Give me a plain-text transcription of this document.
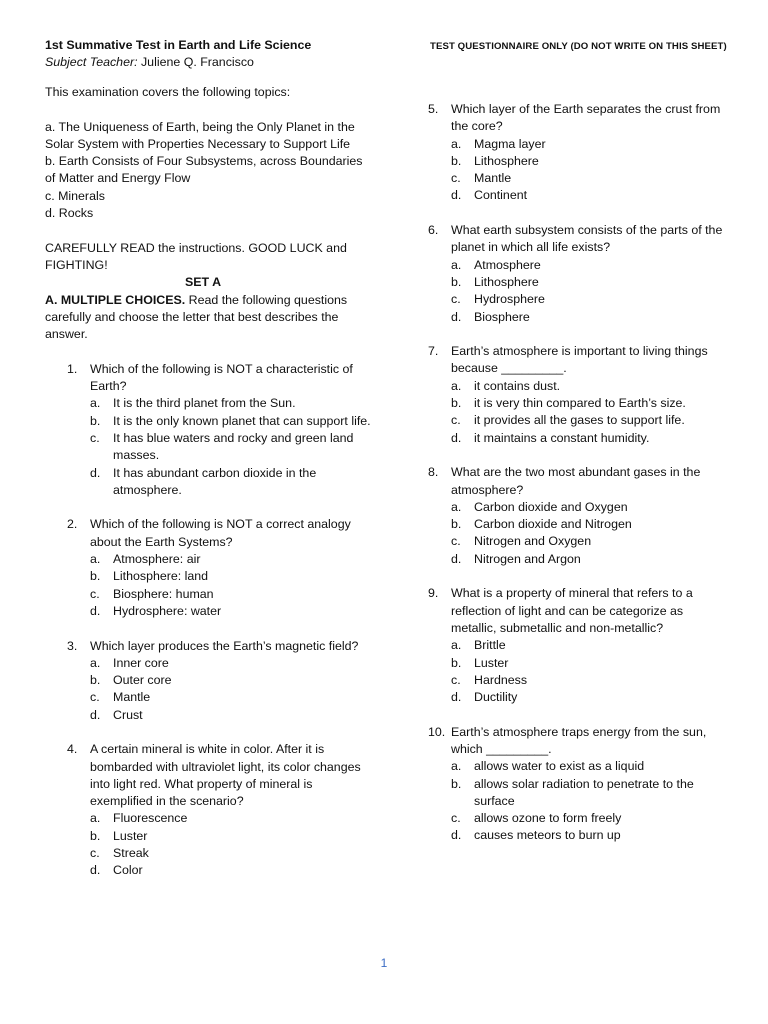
1st Summative Test in Earth and Life Science
Subject Teacher: Juliene Q. Francisco
TEST QUESTIONNAIRE ONLY (DO NOT WRITE ON THIS SHEET)

This examination covers the following topics:

a. The Uniqueness of Earth, being the Only Planet in the Solar System with Properties Necessary to Support Life

b. Earth Consists of Four Subsystems, across Boundaries of Matter and Energy Flow

c. Minerals

d. Rocks

CAREFULLY READ the instructions. GOOD LUCK and FIGHTING!

SET A

A. MULTIPLE CHOICES. Read the following questions carefully and choose the letter that best describes the answer.

1. Which of the following is NOT a characteristic of Earth?
a. It is the third planet from the Sun.
b. It is the only known planet that can support life.
c. It has blue waters and rocky and green land masses.
d. It has abundant carbon dioxide in the atmosphere.
2. Which of the following is NOT a correct analogy about the Earth Systems?
a. Atmosphere: air
b. Lithosphere: land
c. Biosphere: human
d. Hydrosphere: water
3. Which layer produces the Earth’s magnetic field?
a. Inner core
b. Outer core
c. Mantle
d. Crust
4. A certain mineral is white in color. After it is bombarded with ultraviolet light, its color changes into light red. What property of mineral is exemplified in the scenario?
a. Fluorescence
b. Luster
c. Streak
d. Color
5. Which layer of the Earth separates the crust from the core?
a. Magma layer
b. Lithosphere
c. Mantle
d. Continent
6. What earth subsystem consists of the parts of the planet in which all life exists?
a. Atmosphere
b. Lithosphere
c. Hydrosphere
d. Biosphere
7. Earth’s atmosphere is important to living things because _________.
a. it contains dust.
b. it is very thin compared to Earth’s size.
c. it provides all the gases to support life.
d. it maintains a constant humidity.
8. What are the two most abundant gases in the atmosphere?
a. Carbon dioxide and Oxygen
b. Carbon dioxide and Nitrogen
c. Nitrogen and Oxygen
d. Nitrogen and Argon
9. What is a property of mineral that refers to a reflection of light and can be categorize as metallic, submetallic and non-metallic?
a. Brittle
b. Luster
c. Hardness
d. Ductility
10. Earth’s atmosphere traps energy from the sun, which _________.
a. allows water to exist as a liquid
b. allows solar radiation to penetrate to the surface
c. allows ozone to form freely
d. causes meteors to burn up
1
